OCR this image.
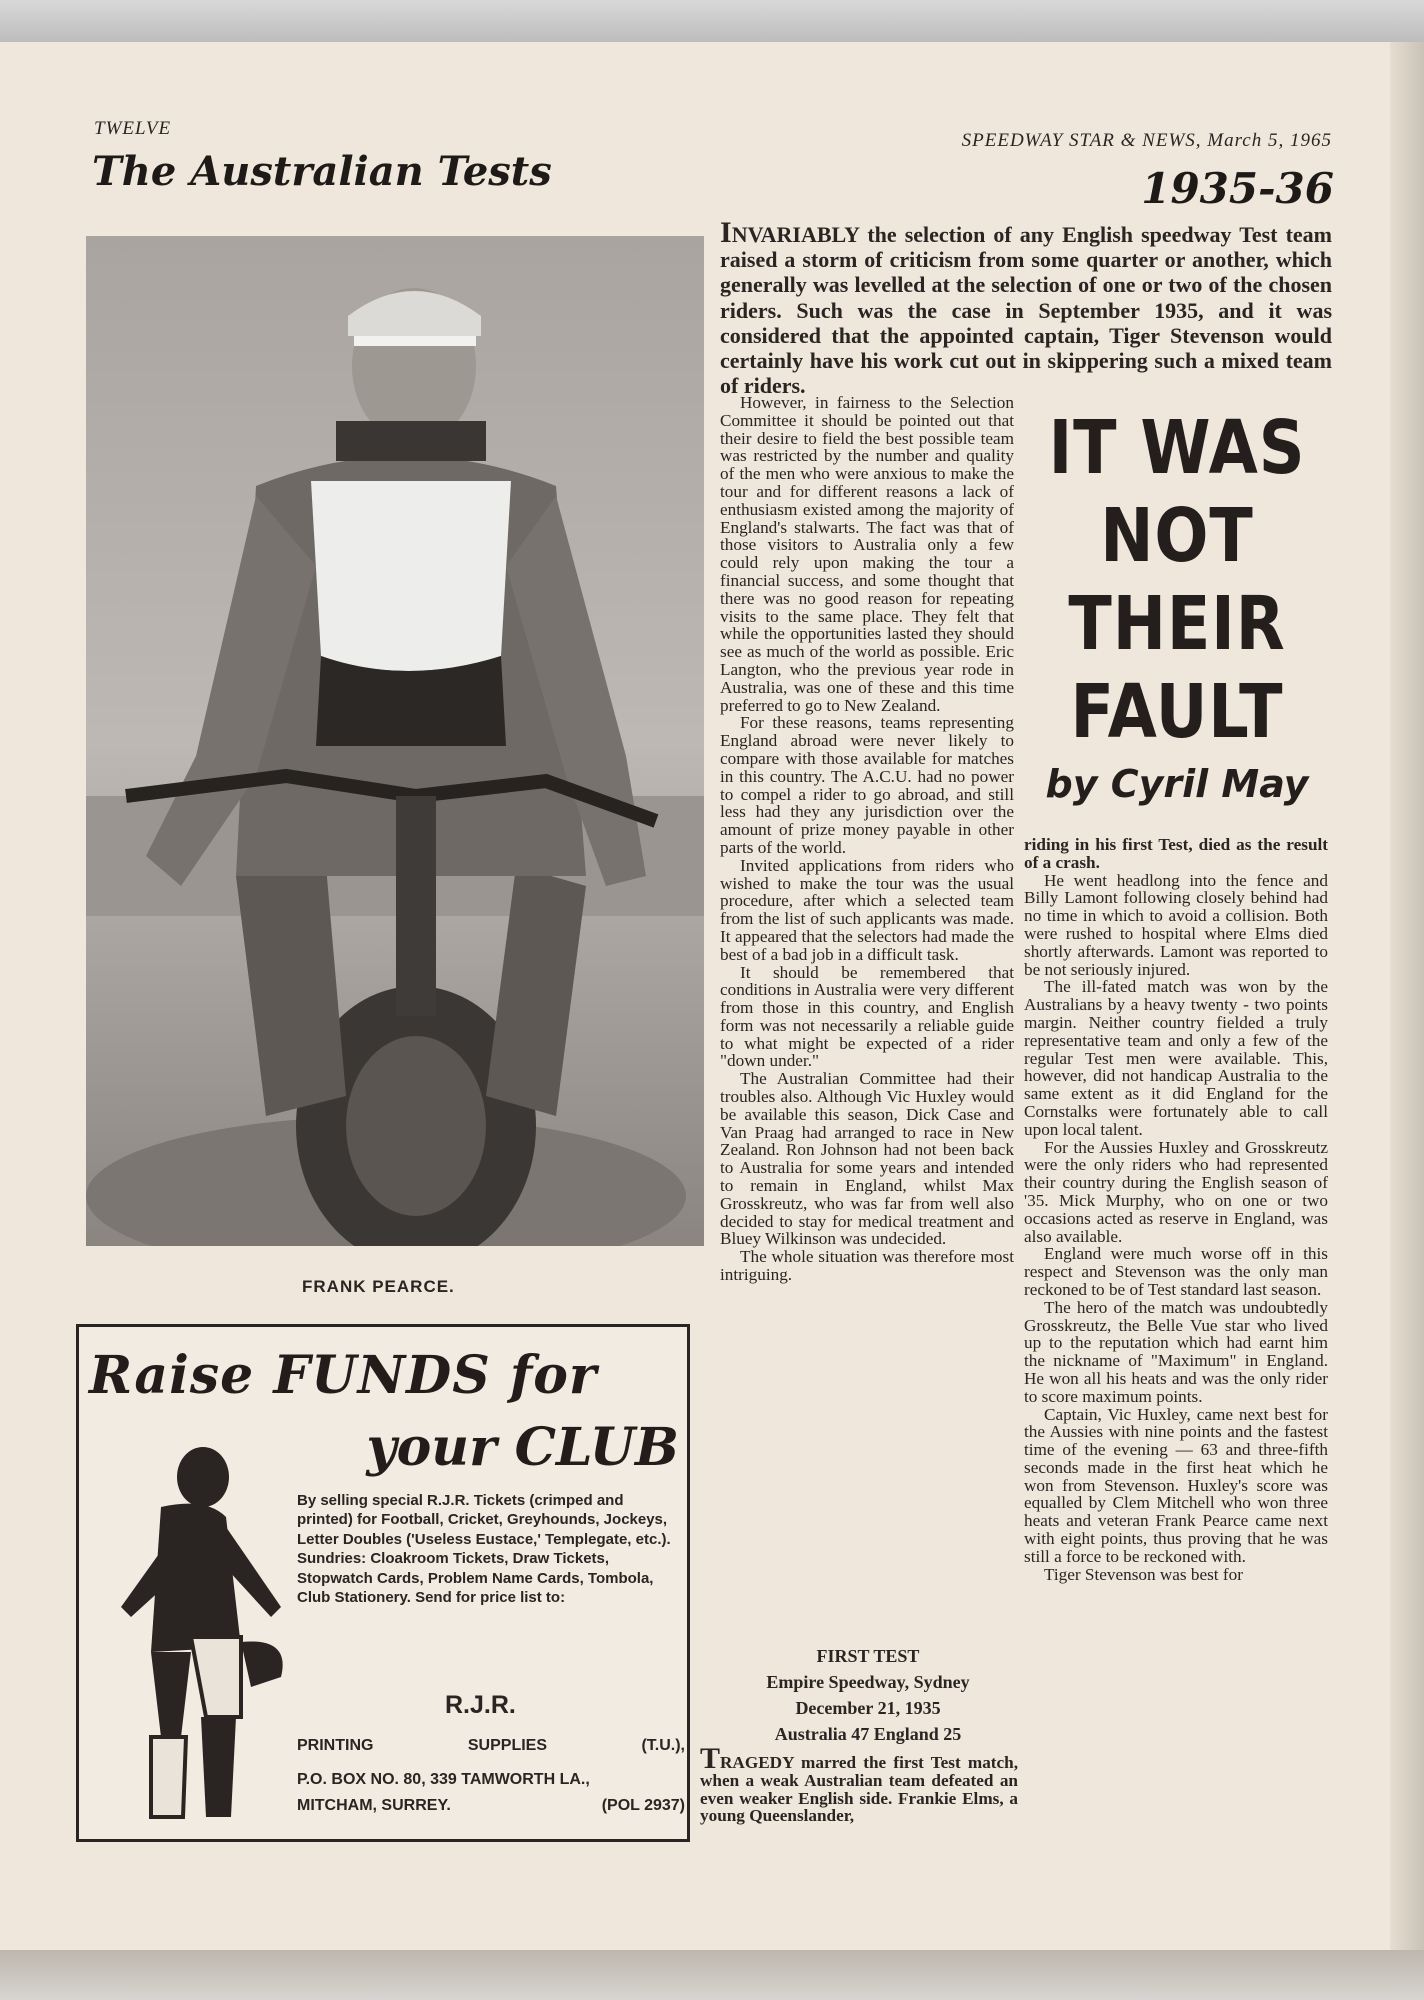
TWELVE
SPEEDWAY STAR & NEWS, March 5, 1965
The Australian Tests	1935-36
FRANK PEARCE.
Raise FUNDS for
your CLUB
By selling special R.J.R. Tickets (crimped and printed) for Football, Cricket, Greyhounds, Jockeys, Letter Doubles ('Useless Eustace,' Templegate, etc.). Sundries: Cloakroom Tickets, Draw Tickets, Stopwatch Cards, Problem Name Cards, Tombola, Club Stationery. Send for price list to:
R.J.R.
PRINTING	SUPPLIES	(T.U.),
P.O. BOX NO. 80, 339 TAMWORTH LA.,
MITCHAM, SURREY.	(POL 2937)
INVARIABLY the selection of any English speedway Test team raised a storm of criticism from some quarter or another, which generally was levelled at the selection of one or two of the chosen riders. Such was the case in September 1935, and it was considered that the appointed captain, Tiger Stevenson would certainly have his work cut out in skippering such a mixed team of riders.

However, in fairness to the Selection Committee it should be pointed out that their desire to field the best possible team was restricted by the number and quality of the men who were anxious to make the tour and for different reasons a lack of enthusiasm existed among the majority of England's stalwarts. The fact was that of those visitors to Australia only a few could rely upon making the tour a financial success, and some thought that there was no good reason for repeating visits to the same place. They felt that while the opportunities lasted they should see as much of the world as possible. Eric Langton, who the previous year rode in Australia, was one of these and this time preferred to go to New Zealand.

For these reasons, teams representing England abroad were never likely to compare with those available for matches in this country. The A.C.U. had no power to compel a rider to go abroad, and still less had they any jurisdiction over the amount of prize money payable in other parts of the world.

Invited applications from riders who wished to make the tour was the usual procedure, after which a selected team from the list of such applicants was made. It appeared that the selectors had made the best of a bad job in a difficult task.

It should be remembered that conditions in Australia were very different from those in this country, and English form was not necessarily a reliable guide to what might be expected of a rider "down under."

The Australian Committee had their troubles also. Although Vic Huxley would be available this season, Dick Case and Van Praag had arranged to race in New Zealand. Ron Johnson had not been back to Australia for some years and intended to remain in England, whilst Max Grosskreutz, who was far from well also decided to stay for medical treatment and Bluey Wilkinson was undecided.

The whole situation was therefore most intriguing.

FIRST TEST
Empire Speedway, Sydney
December 21, 1935
Australia 47 England 25
TRAGEDY marred the first Test match, when a weak Australian team defeated an even weaker English side. Frankie Elms, a young Queenslander,
IT WAS
NOT
THEIR
FAULT
by Cyril May

riding in his first Test, died as the result of a crash.

He went headlong into the fence and Billy Lamont following closely behind had no time in which to avoid a collision. Both were rushed to hospital where Elms died shortly afterwards. Lamont was reported to be not seriously injured.

The ill-fated match was won by the Australians by a heavy twenty - two points margin. Neither country fielded a truly representative team and only a few of the regular Test men were available. This, however, did not handicap Australia to the same extent as it did England for the Cornstalks were fortunately able to call upon local talent.

For the Aussies Huxley and Grosskreutz were the only riders who had represented their country during the English season of '35. Mick Murphy, who on one or two occasions acted as reserve in England, was also available.

England were much worse off in this respect and Stevenson was the only man reckoned to be of Test standard last season.

The hero of the match was undoubtedly Grosskreutz, the Belle Vue star who lived up to the reputation which had earnt him the nickname of "Maximum" in England. He won all his heats and was the only rider to score maximum points.

Captain, Vic Huxley, came next best for the Aussies with nine points and the fastest time of the evening — 63 and three-fifth seconds made in the first heat which he won from Stevenson. Huxley's score was equalled by Clem Mitchell who won three heats and veteran Frank Pearce came next with eight points, thus proving that he was still a force to be reckoned with.

Tiger Stevenson was best for
